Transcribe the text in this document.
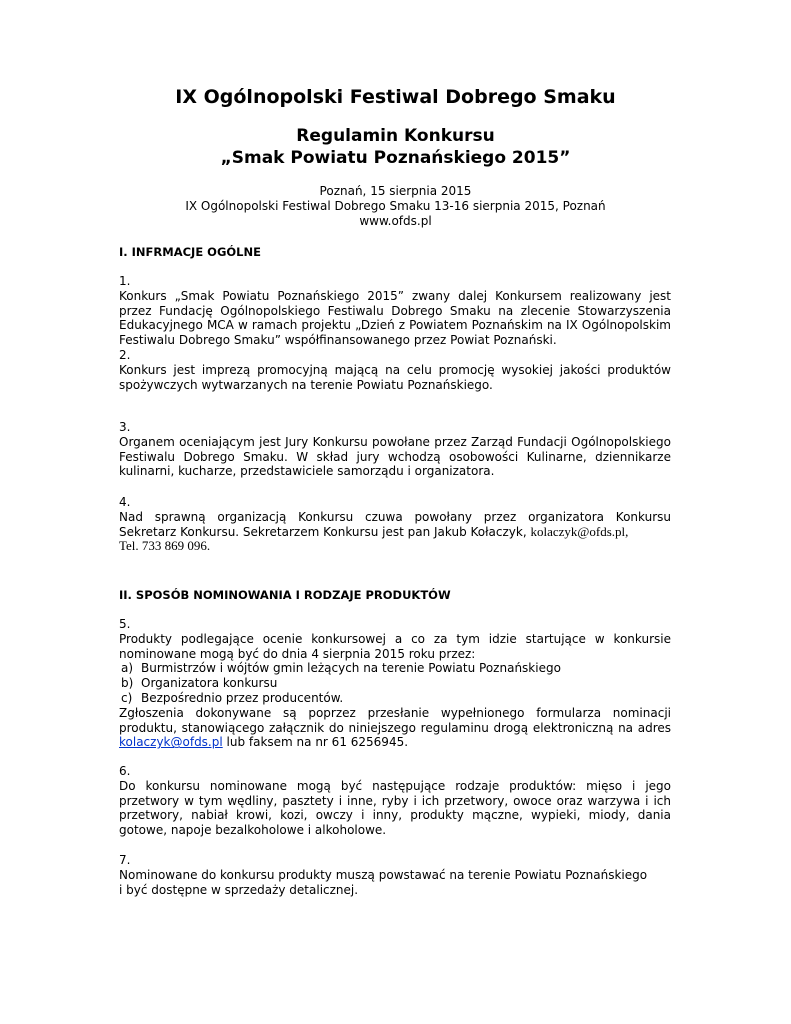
IX Ogólnopolski Festiwal Dobrego Smaku
Regulamin Konkursu
„Smak Powiatu Poznańskiego 2015”
Poznań, 15 sierpnia 2015
IX Ogólnopolski Festiwal Dobrego Smaku 13-16 sierpnia 2015, Poznań
www.ofds.pl
I. INFRMACJE OGÓLNE
1.
Konkurs „Smak Powiatu Poznańskiego 2015” zwany dalej Konkursem realizowany jest
przez Fundację Ogólnopolskiego Festiwalu Dobrego Smaku na zlecenie Stowarzyszenia
Edukacyjnego MCA w ramach projektu „Dzień z Powiatem Poznańskim na IX Ogólnopolskim
Festiwalu Dobrego Smaku” współfinansowanego przez Powiat Poznański.
2.
Konkurs jest imprezą promocyjną mającą na celu promocję wysokiej jakości produktów
spożywczych wytwarzanych na terenie Powiatu Poznańskiego.
3.
Organem oceniającym jest Jury Konkursu powołane przez Zarząd Fundacji Ogólnopolskiego
Festiwalu Dobrego Smaku. W skład jury wchodzą osobowości Kulinarne, dziennikarze
kulinarni, kucharze, przedstawiciele samorządu i organizatora.
4.
Nad sprawną organizacją Konkursu czuwa powołany przez organizatora Konkursu
Sekretarz Konkursu. Sekretarzem Konkursu jest pan Jakub Kołaczyk, kolaczyk@ofds.pl,
Tel. 733 869 096.
II. SPOSÓB NOMINOWANIA I RODZAJE PRODUKTÓW
5.
Produkty podlegające ocenie konkursowej a co za tym idzie startujące w konkursie
nominowane mogą być do dnia 4 sierpnia 2015 roku przez:
a) Burmistrzów i wójtów gmin leżących na terenie Powiatu Poznańskiego
b) Organizatora konkursu
c) Bezpośrednio przez producentów.
Zgłoszenia dokonywane są poprzez przesłanie wypełnionego formularza nominacji
produktu, stanowiącego załącznik do niniejszego regulaminu drogą elektroniczną na adres
kolaczyk@ofds.pl lub faksem na nr 61 6256945.
6.
Do konkursu nominowane mogą być następujące rodzaje produktów: mięso i jego
przetwory w tym wędliny, pasztety i inne, ryby i ich przetwory, owoce oraz warzywa i ich
przetwory, nabiał krowi, kozi, owczy i inny, produkty mączne, wypieki, miody, dania
gotowe, napoje bezalkoholowe i alkoholowe.
7.
Nominowane do konkursu produkty muszą powstawać na terenie Powiatu Poznańskiego
i być dostępne w sprzedaży detalicznej.
